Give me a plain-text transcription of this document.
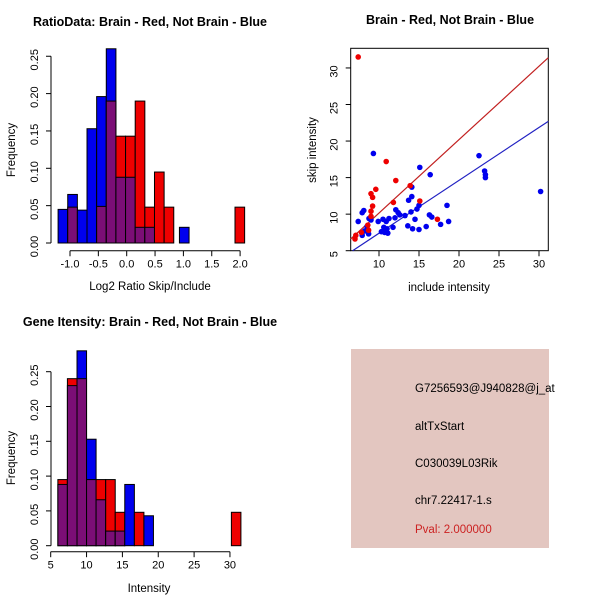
RatioData: Brain - Red, Not Brain - Blue
Log2 Ratio Skip/Include
Frequency
0.00
0.05
0.10
0.15
0.20
0.25
-1.0 -0.5 0.0 0.5 1.0 1.5 2.0
Brain - Red, Not Brain - Blue
include intensity
skip intensity
5
10
15
20
25
30
10	15	20	25	30
Gene Itensity: Brain - Red, Not Brain - Blue
Intensity
Frequency
0.00
0.05
0.10
0.15
0.20
0.25
5 10 15 20 25 30
G7256593@J940828@j_at
altTxStart
C030039L03Rik
chr7.22417-1.s
Pval: 2.000000
